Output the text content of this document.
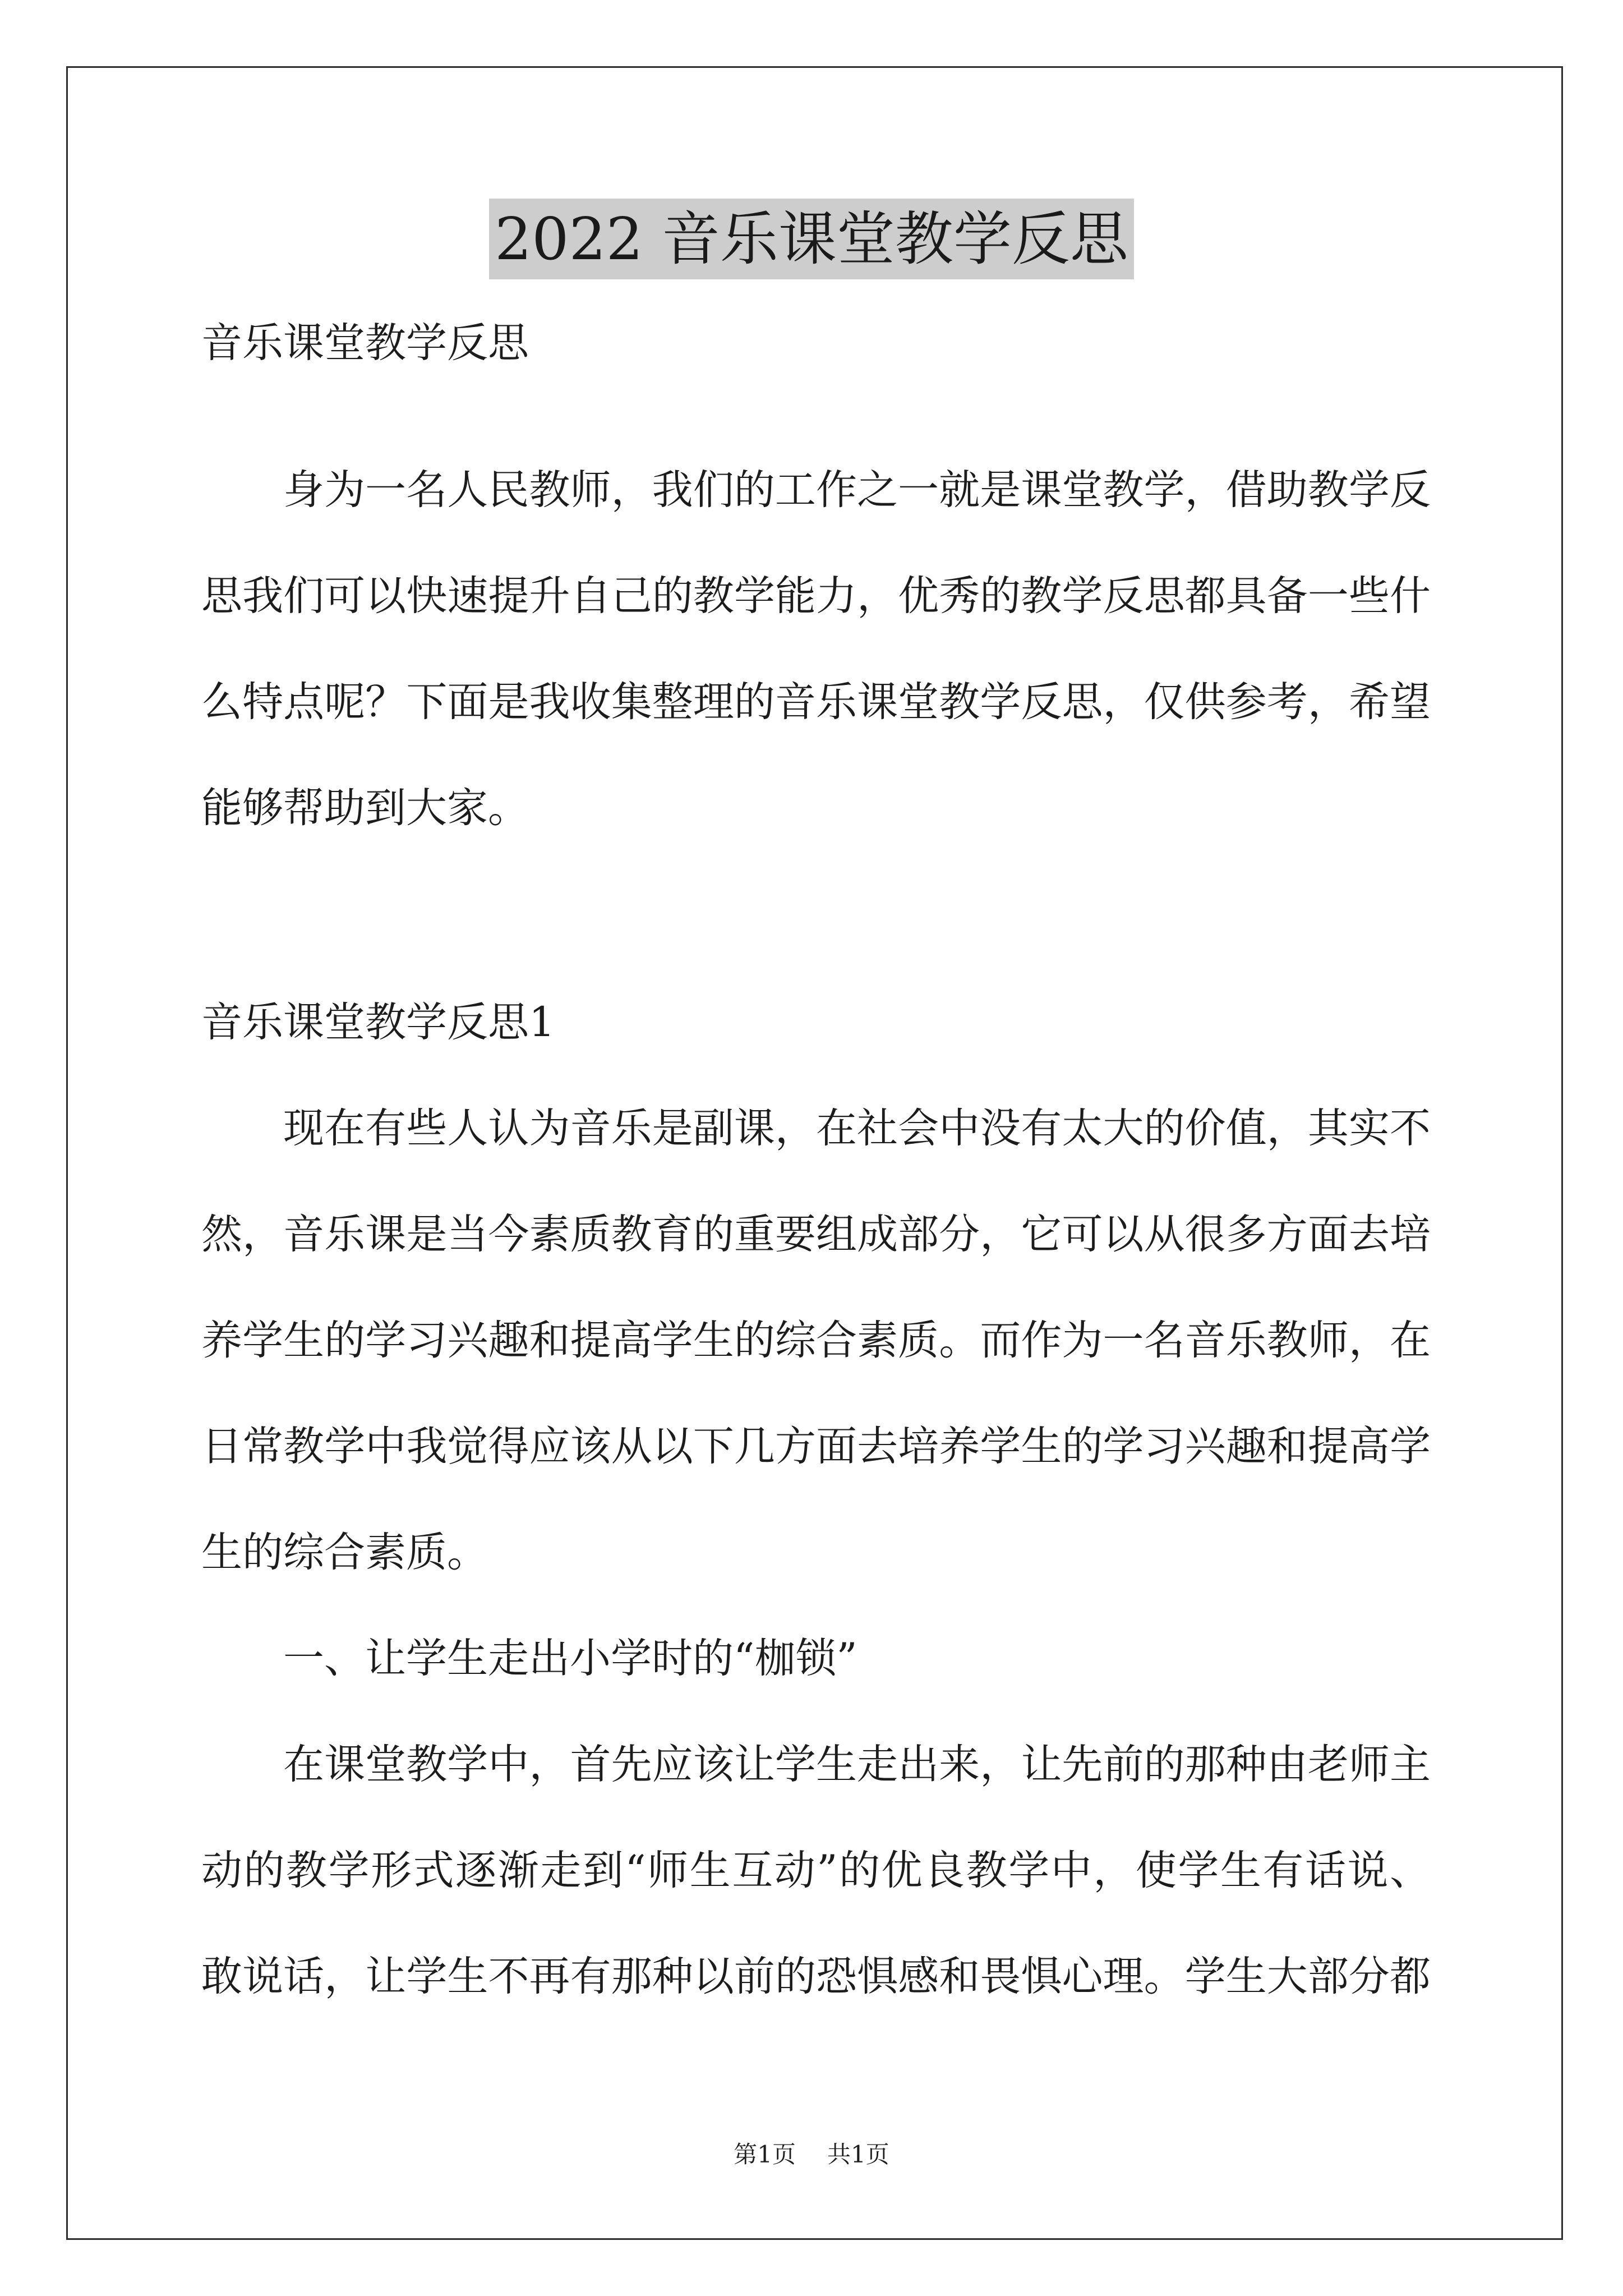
2022 音乐课堂教学反思
音乐课堂教学反思
身为一名人民教师，我们的工作之一就是课堂教学，借助教学反
思我们可以快速提升自己的教学能力，优秀的教学反思都具备一些什
么特点呢？下面是我收集整理的音乐课堂教学反思，仅供参考，希望
能够帮助到大家。
音乐课堂教学反思1
现在有些人认为音乐是副课，在社会中没有太大的价值，其实不
然，音乐课是当今素质教育的重要组成部分，它可以从很多方面去培
养学生的学习兴趣和提高学生的综合素质。而作为一名音乐教师，在
日常教学中我觉得应该从以下几方面去培养学生的学习兴趣和提高学
生的综合素质。
一、让学生走出小学时的“枷锁”
在课堂教学中，首先应该让学生走出来，让先前的那种由老师主
动的教学形式逐渐走到“师生互动”的优良教学中，使学生有话说、
敢说话，让学生不再有那种以前的恐惧感和畏惧心理。学生大部分都
第1页 共1页
